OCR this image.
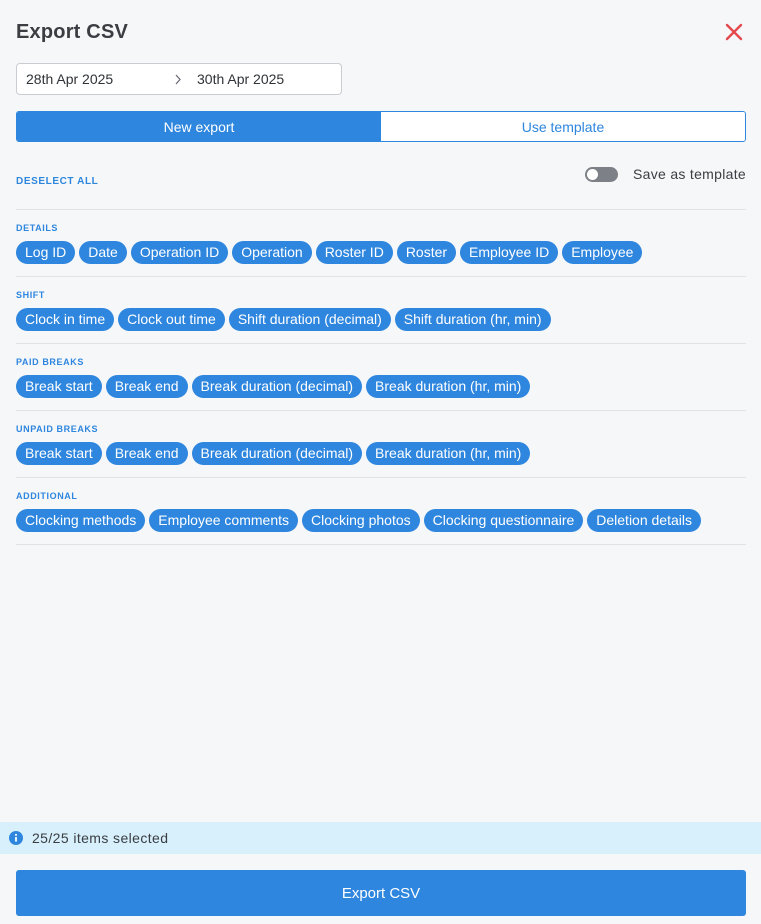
Export CSV
28th Apr 2025	30th Apr 2025
New export	Use template
DESELECT ALL	Save as template
DETAILS
Log ID	Date	Operation ID	Operation	Roster ID	Roster	Employee ID	Employee
SHIFT
Clock in time	Clock out time	Shift duration (decimal)	Shift duration (hr, min)
PAID BREAKS
Break start	Break end	Break duration (decimal)	Break duration (hr, min)
UNPAID BREAKS
Break start	Break end	Break duration (decimal)	Break duration (hr, min)
ADDITIONAL
Clocking methods	Employee comments	Clocking photos	Clocking questionnaire	Deletion details
25/25 items selected
Export CSV
